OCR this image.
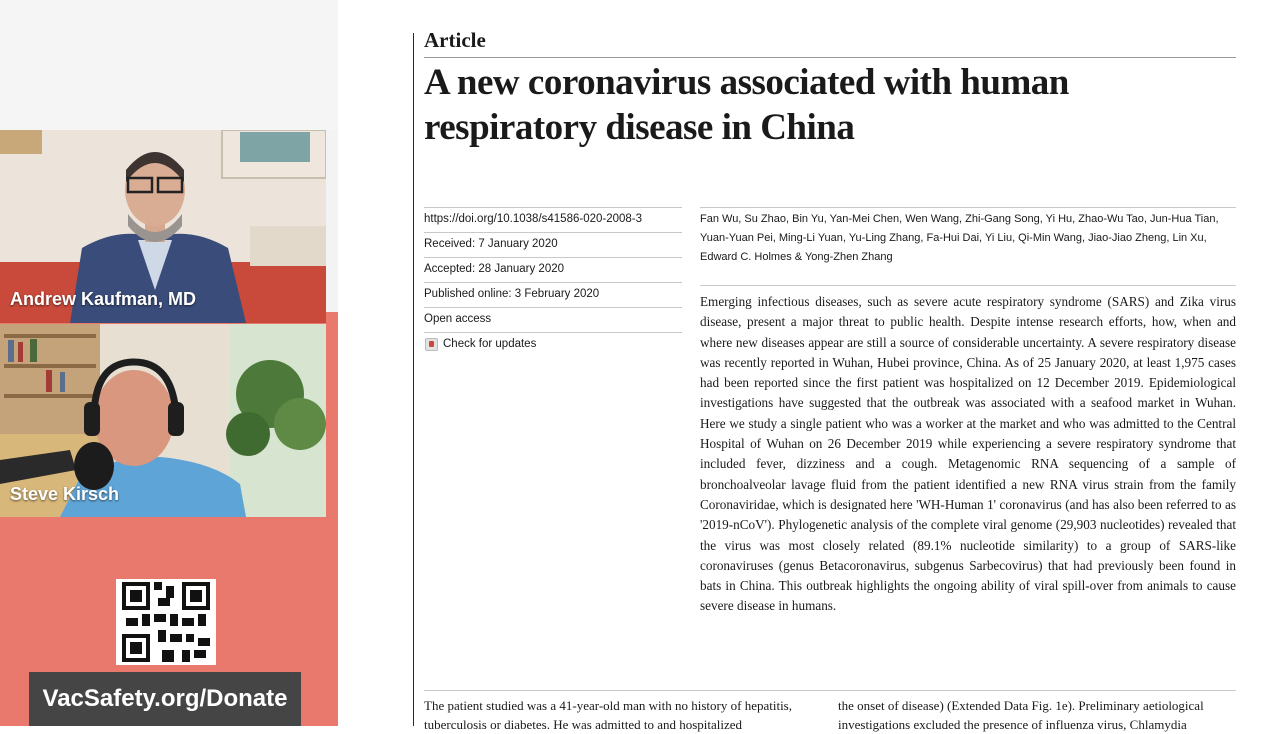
Andrew Kaufman, MD
Steve Kirsch
VacSafety.org/Donate
Article
A new coronavirus associated with human respiratory disease in China
https://doi.org/10.1038/s41586-020-2008-3
Received: 7 January 2020
Accepted: 28 January 2020
Published online: 3 February 2020
Open access
Check for updates
Fan Wu, Su Zhao, Bin Yu, Yan-Mei Chen, Wen Wang, Zhi-Gang Song, Yi Hu, Zhao-Wu Tao, Jun-Hua Tian, Yuan-Yuan Pei, Ming-Li Yuan, Yu-Ling Zhang, Fa-Hui Dai, Yi Liu, Qi-Min Wang, Jiao-Jiao Zheng, Lin Xu, Edward C. Holmes & Yong-Zhen Zhang
Emerging infectious diseases, such as severe acute respiratory syndrome (SARS) and Zika virus disease, present a major threat to public health. Despite intense research efforts, how, when and where new diseases appear are still a source of considerable uncertainty. A severe respiratory disease was recently reported in Wuhan, Hubei province, China. As of 25 January 2020, at least 1,975 cases had been reported since the first patient was hospitalized on 12 December 2019. Epidemiological investigations have suggested that the outbreak was associated with a seafood market in Wuhan. Here we study a single patient who was a worker at the market and who was admitted to the Central Hospital of Wuhan on 26 December 2019 while experiencing a severe respiratory syndrome that included fever, dizziness and a cough. Metagenomic RNA sequencing of a sample of bronchoalveolar lavage fluid from the patient identified a new RNA virus strain from the family Coronaviridae, which is designated here 'WH-Human 1' coronavirus (and has also been referred to as '2019-nCoV'). Phylogenetic analysis of the complete viral genome (29,903 nucleotides) revealed that the virus was most closely related (89.1% nucleotide similarity) to a group of SARS-like coronaviruses (genus Betacoronavirus, subgenus Sarbecovirus) that had previously been found in bats in China. This outbreak highlights the ongoing ability of viral spill-over from animals to cause severe disease in humans.
The patient studied was a 41-year-old man with no history of hepatitis, tuberculosis or diabetes. He was admitted to and hospitalized
the onset of disease) (Extended Data Fig. 1e). Preliminary aetiological investigations excluded the presence of influenza virus, Chlamydia
